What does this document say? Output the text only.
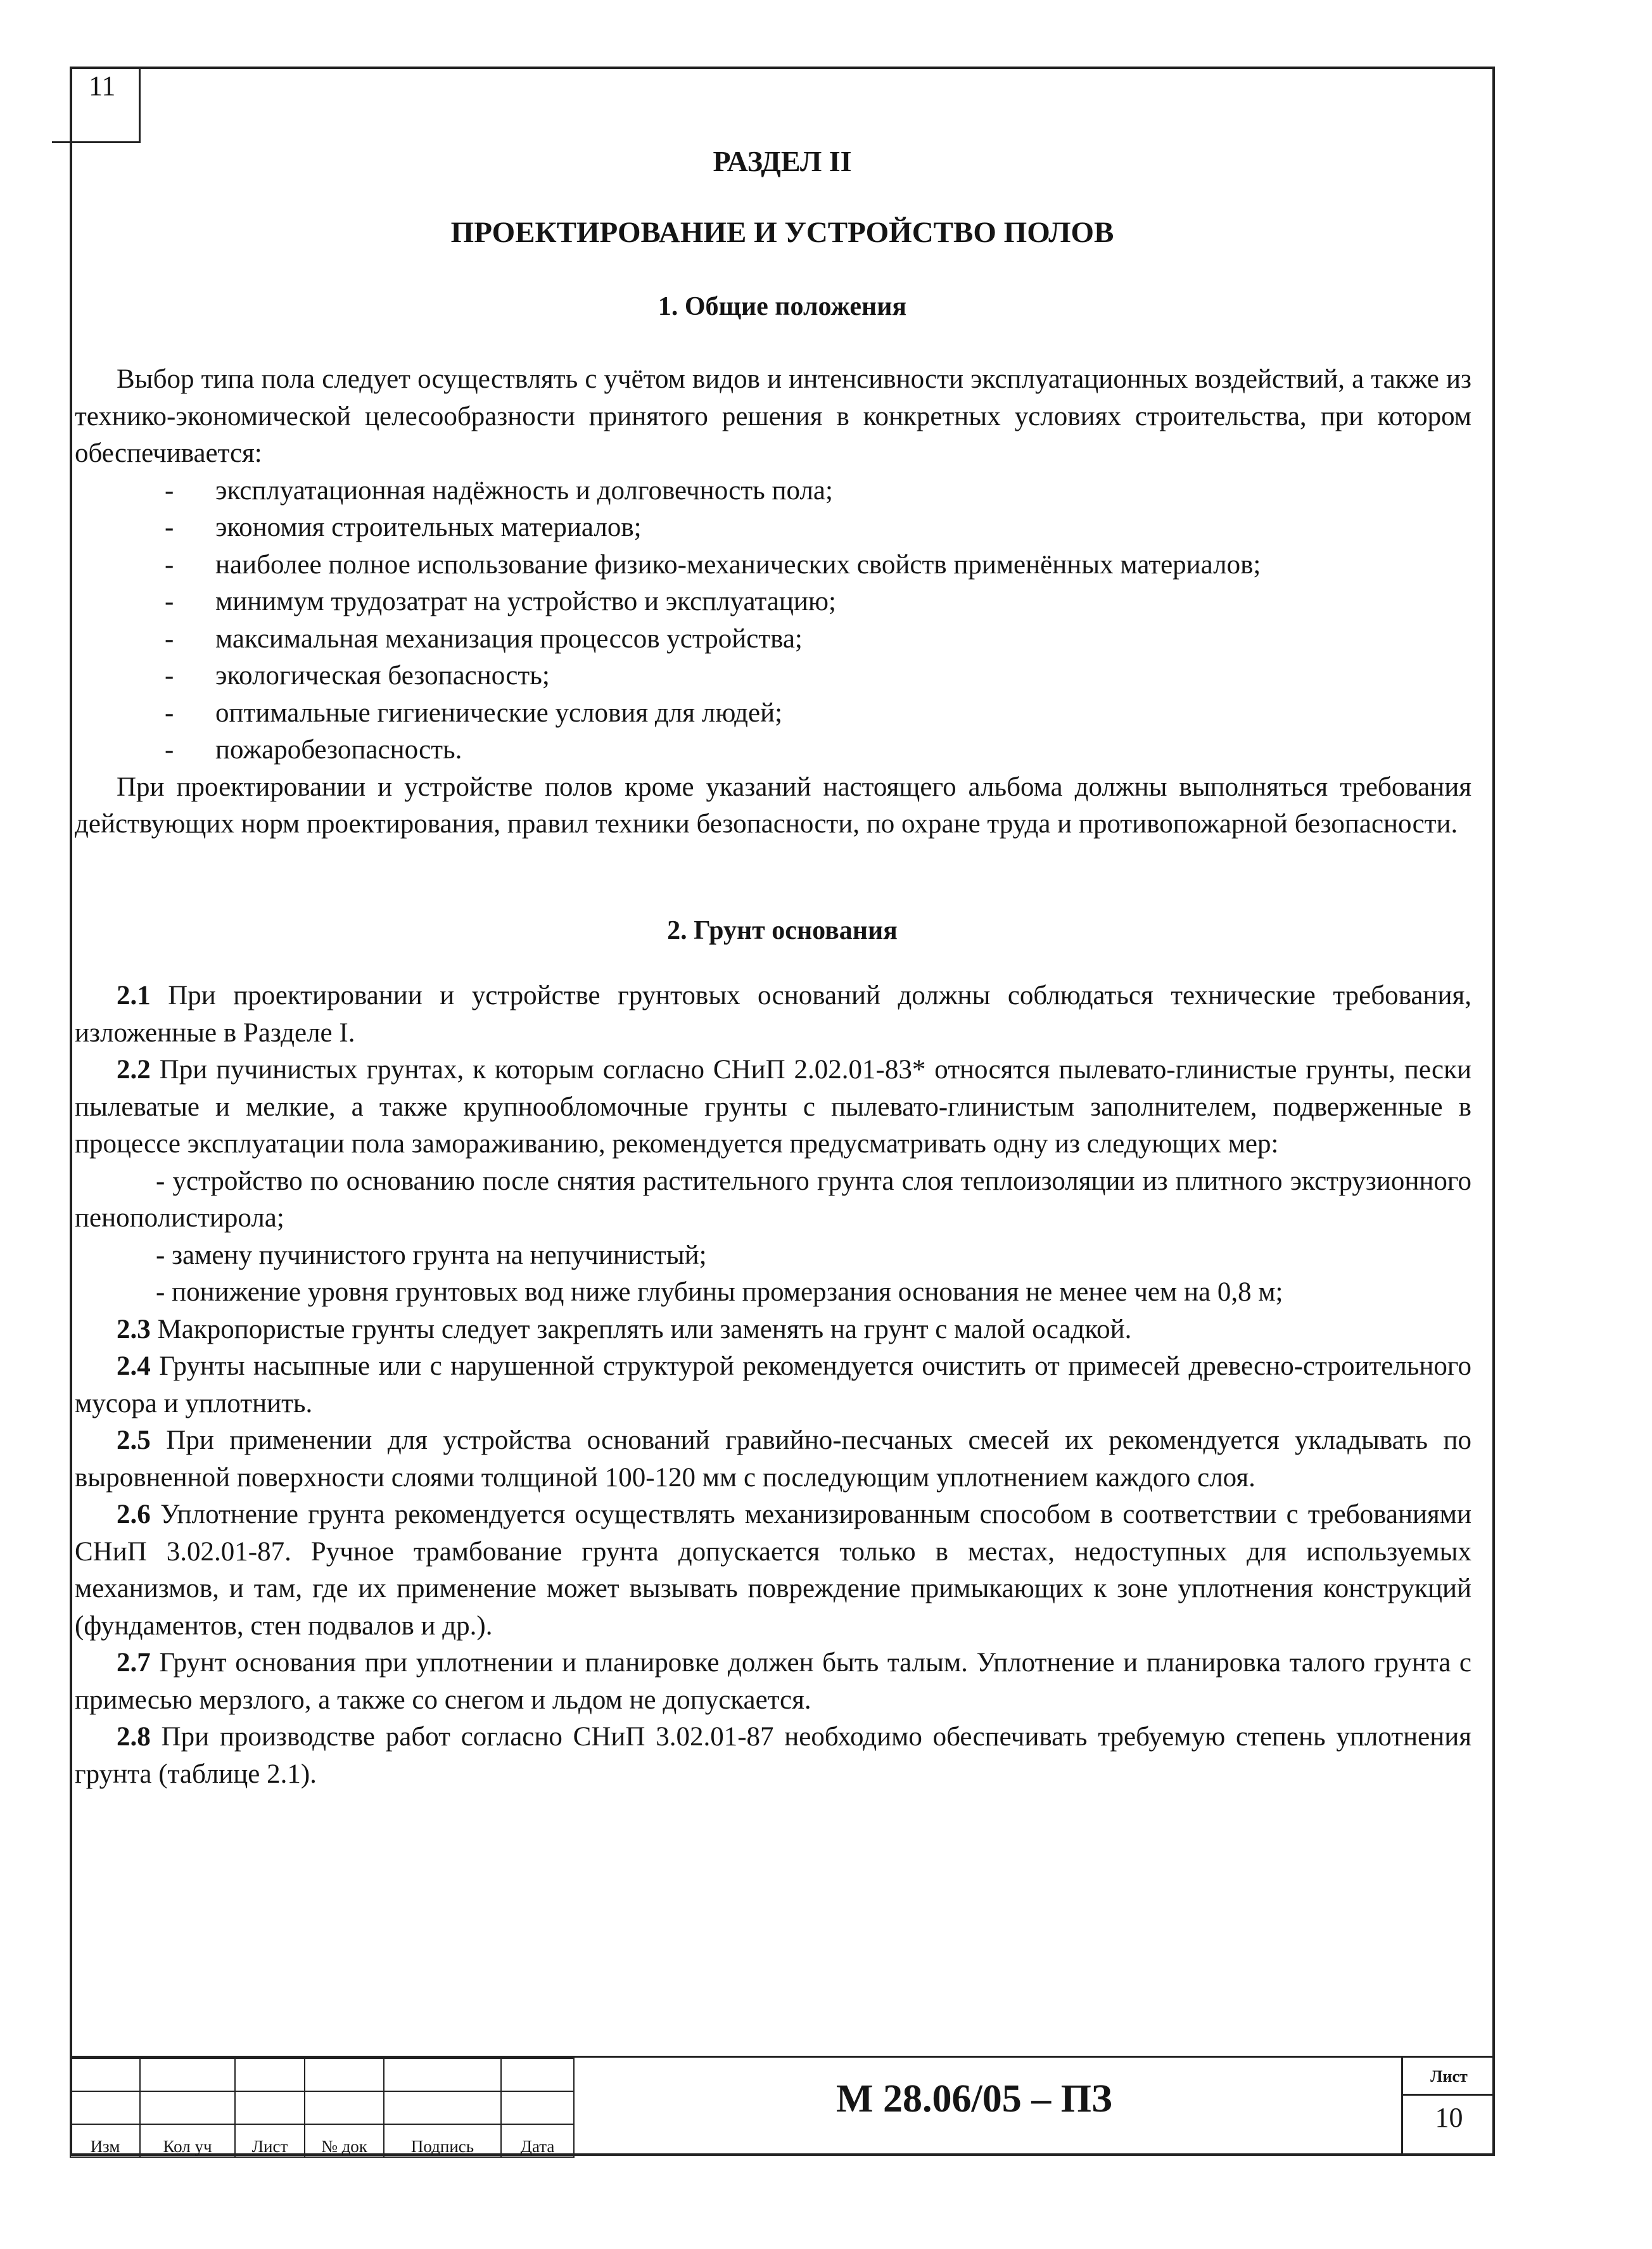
11
РАЗДЕЛ II
ПРОЕКТИРОВАНИЕ И УСТРОЙСТВО ПОЛОВ
1. Общие положения

Выбор типа пола следует осуществлять с учётом видов и интенсивности эксплуатационных воздействий, а также из технико-экономической целесообразности принятого решения в конкретных условиях строительства, при котором обеспечивается:

- эксплуатационная надёжность и долговечность пола;

- экономия строительных материалов;

- наиболее полное использование физико-механических свойств применённых материалов;

- минимум трудозатрат на устройство и эксплуатацию;

- максимальная механизация процессов устройства;

- экологическая безопасность;

- оптимальные гигиенические условия для людей;

- пожаробезопасность.

При проектировании и устройстве полов кроме указаний настоящего альбома должны выполняться требования действующих норм проектирования, правил техники безопасности, по охране труда и противопожарной безопасности.

2. Грунт основания

2.1 При проектировании и устройстве грунтовых оснований должны соблюдаться технические требования, изложенные в Разделе I.

2.2 При пучинистых грунтах, к которым согласно СНиП 2.02.01-83* относятся пылевато-глинистые грунты, пески пылеватые и мелкие, а также крупнообломочные грунты с пылевато-глинистым заполнителем, подверженные в процессе эксплуатации пола замораживанию, рекомендуется предусматривать одну из следующих мер:

- устройство по основанию после снятия растительного грунта слоя теплоизоляции из плитного экструзионного пенополистирола;

- замену пучинистого грунта на непучинистый;

- понижение уровня грунтовых вод ниже глубины промерзания основания не менее чем на 0,8 м;

2.3 Макропористые грунты следует закреплять или заменять на грунт с малой осадкой.

2.4 Грунты насыпные или с нарушенной структурой рекомендуется очистить от примесей древесно-строительного мусора и уплотнить.

2.5 При применении для устройства оснований гравийно-песчаных смесей их рекомендуется укладывать по выровненной поверхности слоями толщиной 100-120 мм с последующим уплотнением каждого слоя.

2.6 Уплотнение грунта рекомендуется осуществлять механизированным способом в соответствии с требованиями СНиП 3.02.01-87. Ручное трамбование грунта допускается только в местах, недоступных для используемых механизмов, и там, где их применение может вызывать повреждение примыкающих к зоне уплотнения конструкций (фундаментов, стен подвалов и др.).

2.7 Грунт основания при уплотнении и планировке должен быть талым. Уплотнение и планировка талого грунта с примесью мерзлого, а также со снегом и льдом не допускается.

2.8 При производстве работ согласно СНиП 3.02.01-87 необходимо обеспечивать требуемую степень уплотнения грунта (таблице 2.1).

Изм	Кол уч	Лист	№ док	Подпись	Дата
М 28.06/05 – ПЗ
Лист
10
